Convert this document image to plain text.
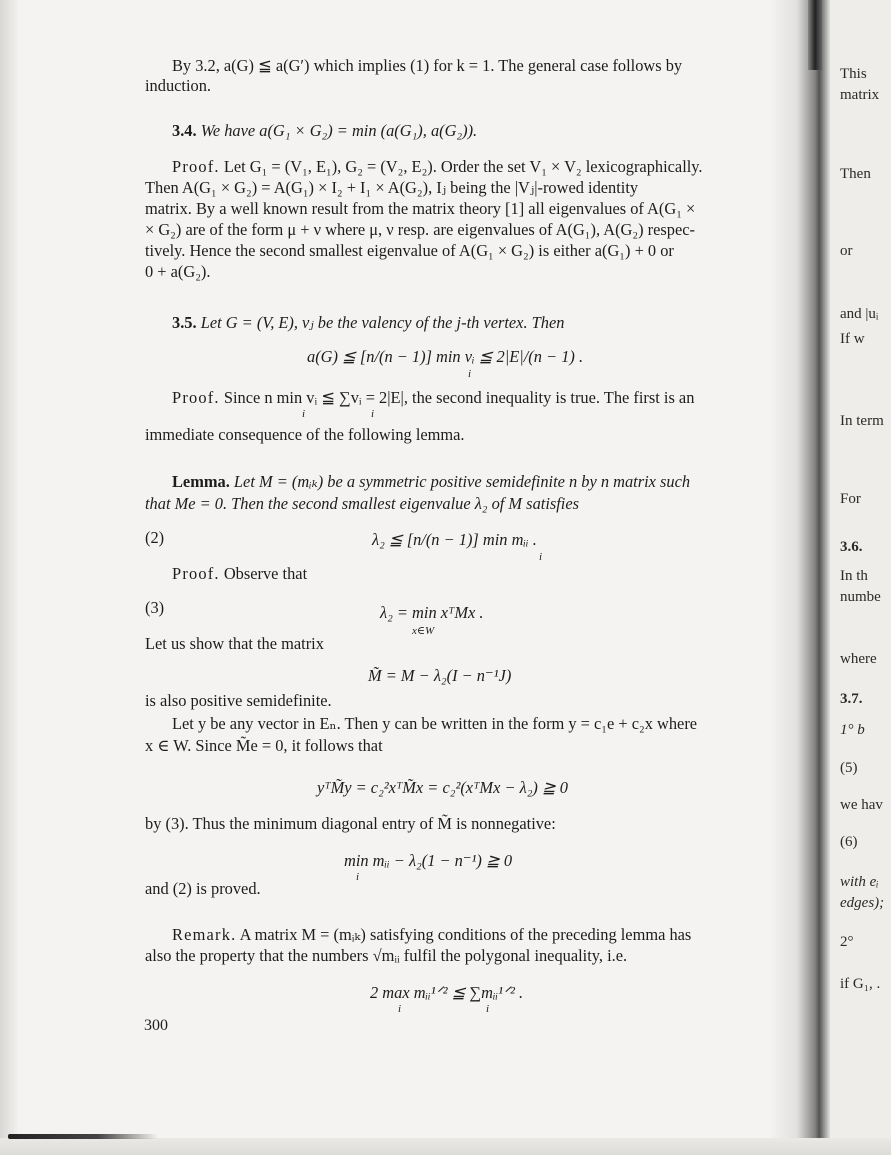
By 3.2, a(G) ≦ a(G′) which implies (1) for k = 1. The general case follows by
induction.
3.4. We have a(G₁ × G₂) = min (a(G₁), a(G₂)).
Proof. Let G₁ = (V₁, E₁), G₂ = (V₂, E₂). Order the set V₁ × V₂ lexicographically.
Then A(G₁ × G₂) = A(G₁) × I₂ + I₁ × A(G₂), Iⱼ being the |Vⱼ|-rowed identity
matrix. By a well known result from the matrix theory [1] all eigenvalues of A(G₁ ×
× G₂) are of the form μ + ν where μ, ν resp. are eigenvalues of A(G₁), A(G₂) respec-
tively. Hence the second smallest eigenvalue of A(G₁ × G₂) is either a(G₁) + 0 or
0 + a(G₂).
3.5. Let G = (V, E), vⱼ be the valency of the j-th vertex. Then
a(G) ≦ [n/(n − 1)] min vᵢ ≦ 2|E|/(n − 1) .
i
Proof. Since n min vᵢ ≦ ∑vᵢ = 2|E|, the second inequality is true. The first is an
i	i
immediate consequence of the following lemma.
Lemma. Let M = (mᵢₖ) be a symmetric positive semidefinite n by n matrix such
that Me = 0. Then the second smallest eigenvalue λ₂ of M satisfies
(2)	λ₂ ≦ [n/(n − 1)] min mᵢᵢ .
i
Proof. Observe that
(3)	λ₂ = min xᵀMx .
x∈W
Let us show that the matrix
M̃ = M − λ₂(I − n⁻¹J)
is also positive semidefinite.
Let y be any vector in Eₙ. Then y can be written in the form y = c₁e + c₂x where
x ∈ W. Since M̃e = 0, it follows that
yᵀM̃y = c₂²xᵀM̃x = c₂²(xᵀMx − λ₂) ≧ 0
by (3). Thus the minimum diagonal entry of M̃ is nonnegative:
min mᵢᵢ − λ₂(1 − n⁻¹) ≧ 0
i
and (2) is proved.
Remark. A matrix M = (mᵢₖ) satisfying conditions of the preceding lemma has
also the property that the numbers √mᵢᵢ fulfil the polygonal inequality, i.e.
2 max mᵢᵢ¹ᐟ² ≦ ∑mᵢᵢ¹ᐟ² .
i	i
300
This
matrix
Then
or
and |uᵢ
If w
In term
For
3.6.
In th
numbe
where
3.7.
1° b
(5)
we hav
(6)
with eᵢ
edges);
2°
if G₁, .
